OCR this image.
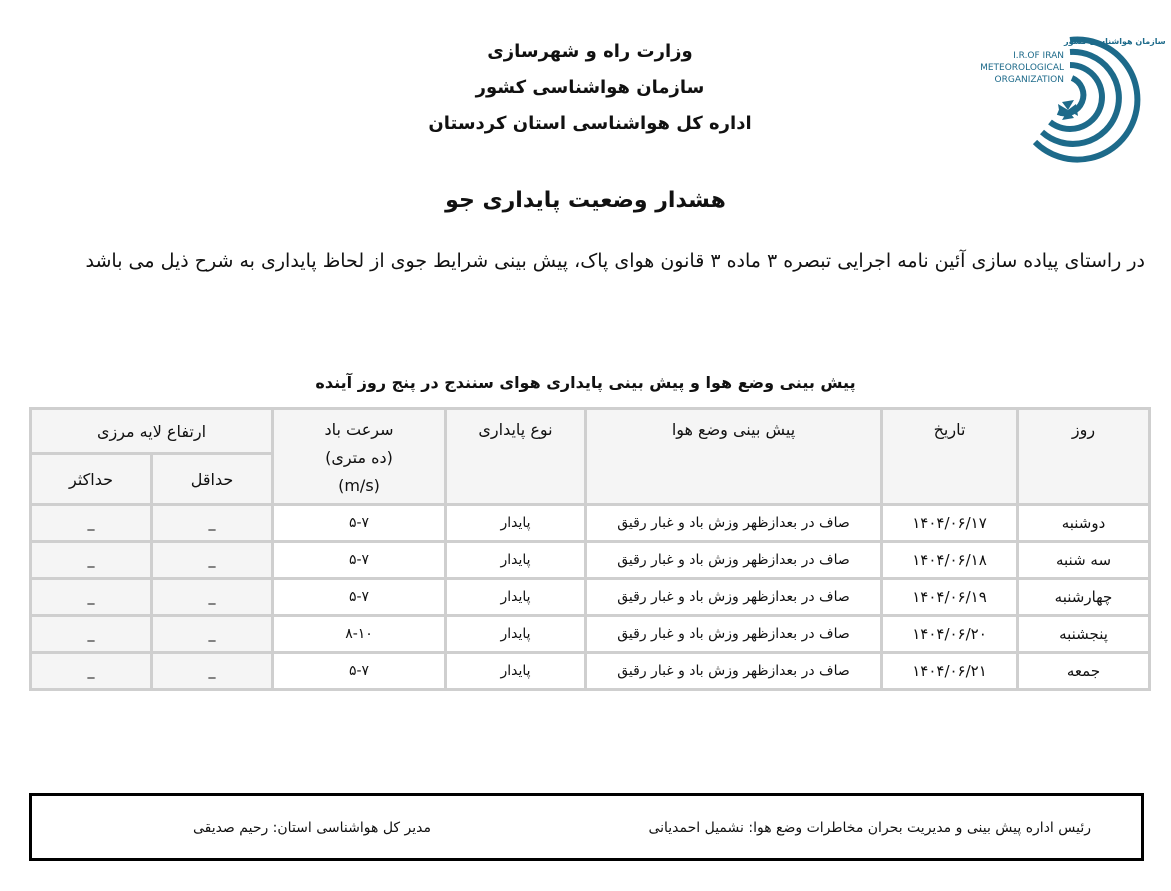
سازمان هواشناسی کشور
I.R.OF IRAN
METEOROLOGICAL
ORGANIZATION
وزارت راه و شهرسازی
سازمان هواشناسی کشور
اداره کل هواشناسی استان کردستان
هشدار وضعیت پایداری جو
در راستای پیاده سازی آئین نامه اجرایی تبصره ۳ ماده ۳ قانون هوای پاک، پیش بینی شرایط جوی از لحاظ پایداری به شرح ذیل می باشد
پیش بینی وضع هوا و پیش بینی پایداری هوای سنندج در پنج روز آینده
روز	تاریخ	پیش بینی وضع هوا	نوع پایداری	
سرعت باد
(ده متری)
(m/s)
	ارتفاع لایه مرزی
حداقل	حداکثر
دوشنبه	۱۴۰۴/۰۶/۱۷	صاف در بعدازظهر وزش باد و غبار رقیق	پایدار	۵-۷	_	_
سه شنبه	۱۴۰۴/۰۶/۱۸	صاف در بعدازظهر وزش باد و غبار رقیق	پایدار	۵-۷	_	_
چهارشنبه	۱۴۰۴/۰۶/۱۹	صاف در بعدازظهر وزش باد و غبار رقیق	پایدار	۵-۷	_	_
پنجشنبه	۱۴۰۴/۰۶/۲۰	صاف در بعدازظهر وزش باد و غبار رقیق	پایدار	۸-۱۰	_	_
جمعه	۱۴۰۴/۰۶/۲۱	صاف در بعدازظهر وزش باد و غبار رقیق	پایدار	۵-۷	_	_
رئیس اداره پیش بینی و مدیریت بحران مخاطرات وضع هوا: نشمیل احمدیانی
مدیر کل هواشناسی استان: رحیم صدیقی
